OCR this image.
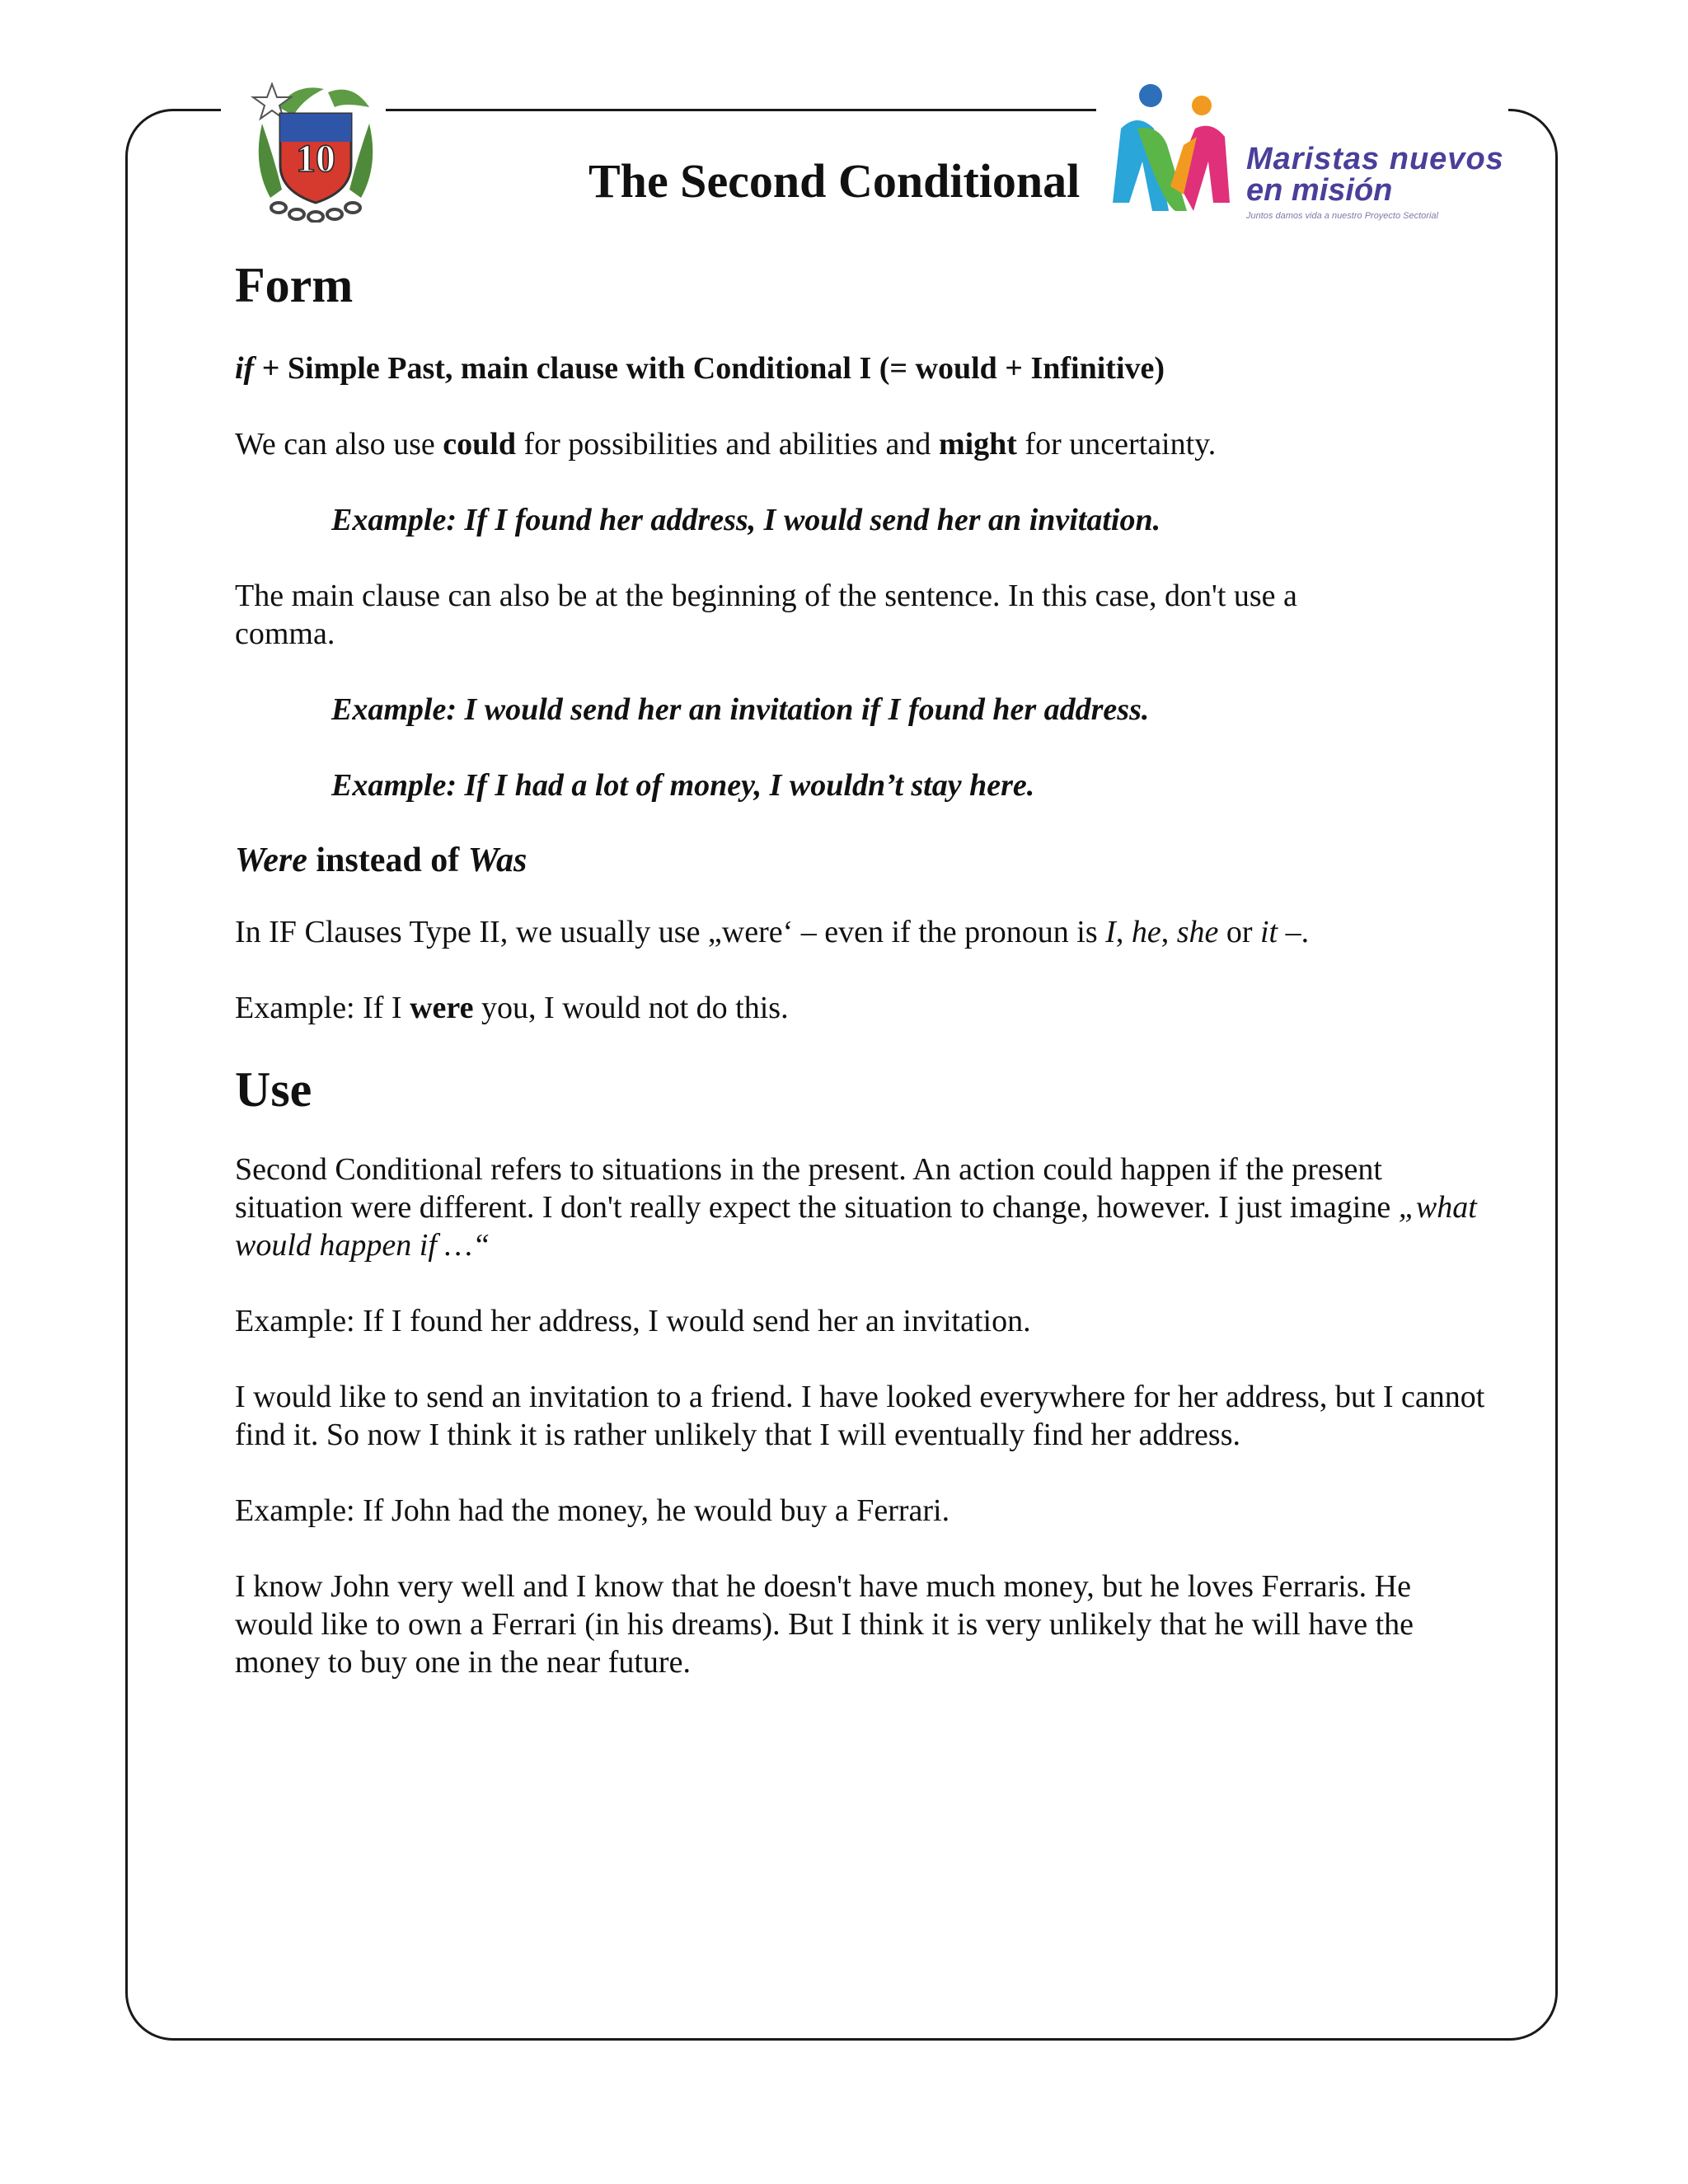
10	Maristas nuevos
en misión
Juntos damos vida a nuestro Proyecto Sectorial
The Second Conditional
Form

if + Simple Past, main clause with Conditional I (= would + Infinitive)

We can also use could for possibilities and abilities and might for uncertainty.

Example: If I found her address, I would send her an invitation.

The main clause can also be at the beginning of the sentence. In this case, don't use a comma.

Example: I would send her an invitation if I found her address.

Example: If I had a lot of money, I wouldn’t stay here.

Were instead of Was

In IF Clauses Type II, we usually use „were‘ – even if the pronoun is I, he, she or it –.

Example: If I were you, I would not do this.

Use

Second Conditional refers to situations in the present. An action could happen if the present situation were different. I don't really expect the situation to change, however. I just imagine „what would happen if …“

Example: If I found her address, I would send her an invitation.

I would like to send an invitation to a friend. I have looked everywhere for her address, but I cannot find it. So now I think it is rather unlikely that I will eventually find her address.

Example: If John had the money, he would buy a Ferrari.

I know John very well and I know that he doesn't have much money, but he loves Ferraris. He would like to own a Ferrari (in his dreams). But I think it is very unlikely that he will have the money to buy one in the near future.
